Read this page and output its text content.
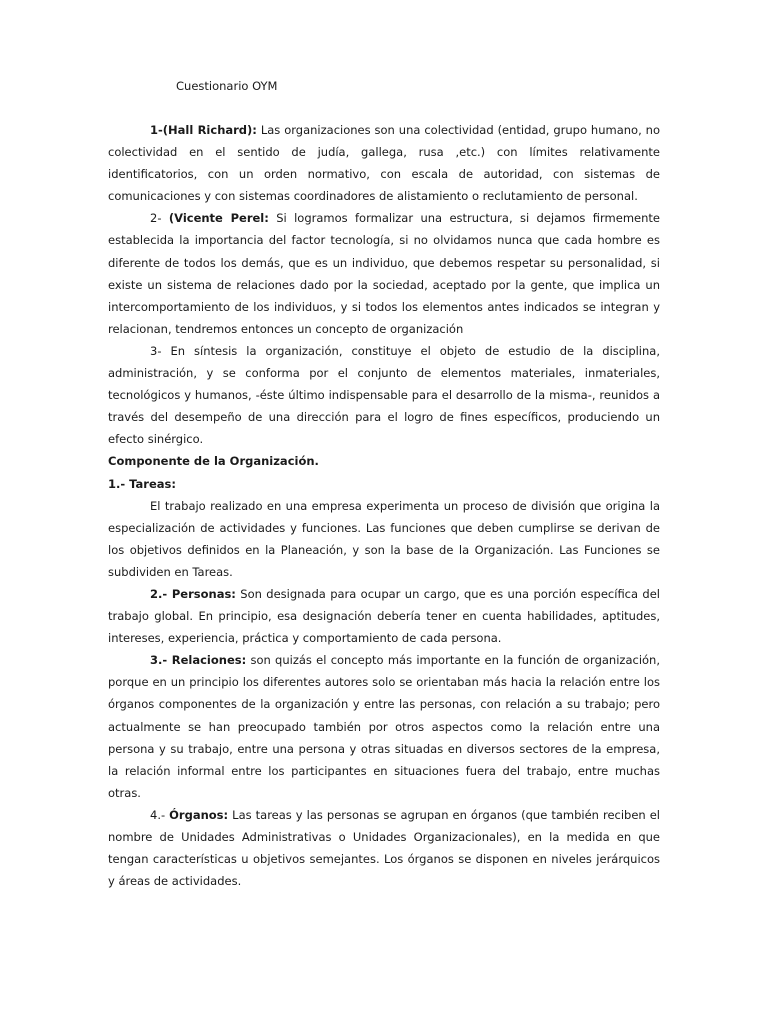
Cuestionario OYM

1-(Hall Richard): Las organizaciones son una colectividad (entidad, grupo humano, no colectividad en el sentido de judía, gallega, rusa ,etc.) con límites relativamente identificatorios, con un orden normativo, con escala de autoridad, con sistemas de comunicaciones y con sistemas coordinadores de alistamiento o reclutamiento de personal.

2- (Vicente Perel: Si logramos formalizar una estructura, si dejamos firmemente establecida la importancia del factor tecnología, si no olvidamos nunca que cada hombre es diferente de todos los demás, que es un individuo, que debemos respetar su personalidad, si existe un sistema de relaciones dado por la sociedad, aceptado por la gente, que implica un intercomportamiento de los individuos, y si todos los elementos antes indicados se integran y relacionan, tendremos entonces un concepto de organización

3- En síntesis la organización, constituye el objeto de estudio de la disciplina, administración, y se conforma por el conjunto de elementos materiales, inmateriales, tecnológicos y humanos, -éste último indispensable para el desarrollo de la misma-, reunidos a través del desempeño de una dirección para el logro de fines específicos, produciendo un efecto sinérgico.

Componente de la Organización.

1.- Tareas:

El trabajo realizado en una empresa experimenta un proceso de división que origina la especialización de actividades y funciones. Las funciones que deben cumplirse se derivan de los objetivos definidos en la Planeación, y son la base de la Organización. Las Funciones se subdividen en Tareas.

2.- Personas: Son designada para ocupar un cargo, que es una porción específica del trabajo global. En principio, esa designación debería tener en cuenta habilidades, aptitudes, intereses, experiencia, práctica y comportamiento de cada persona.

3.- Relaciones: son quizás el concepto más importante en la función de organización, porque en un principio los diferentes autores solo se orientaban más hacia la relación entre los órganos componentes de la organización y entre las personas, con relación a su trabajo; pero actualmente se han preocupado también por otros aspectos como la relación entre una persona y su trabajo, entre una persona y otras situadas en diversos sectores de la empresa, la relación informal entre los participantes en situaciones fuera del trabajo, entre muchas otras.

4.- Órganos: Las tareas y las personas se agrupan en órganos (que también reciben el nombre de Unidades Administrativas o Unidades Organizacionales), en la medida en que tengan características u objetivos semejantes. Los órganos se disponen en niveles jerárquicos y áreas de actividades.
